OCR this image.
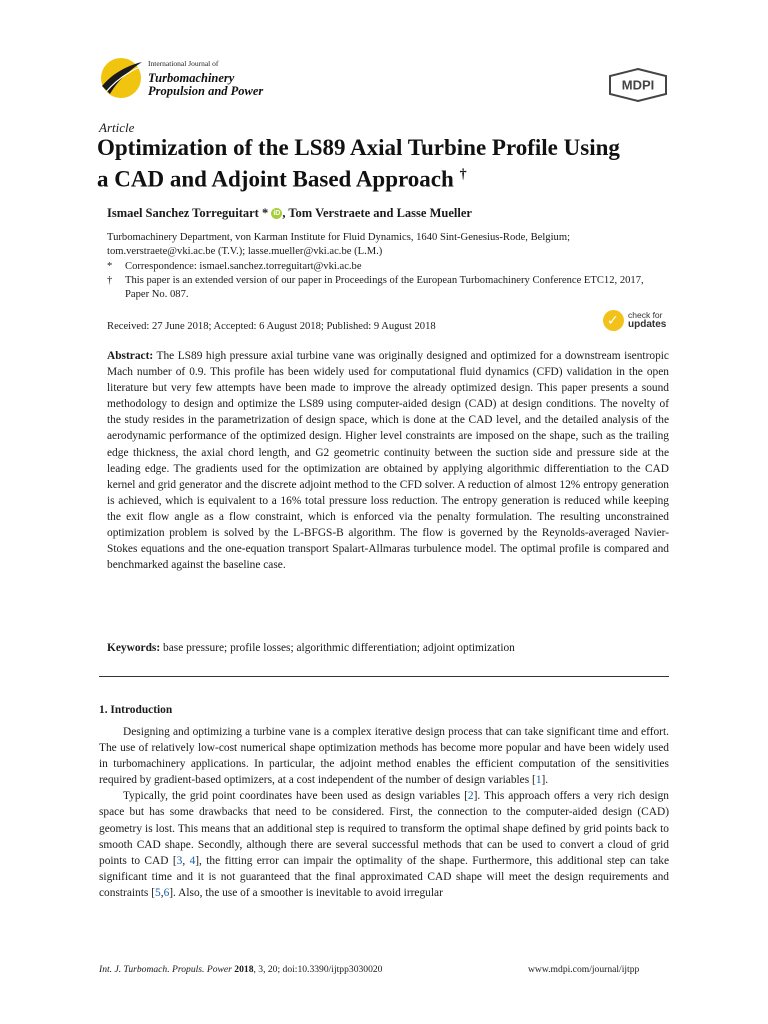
International Journal of
Turbomachinery
Propulsion and Power	MDPI
Article
Optimization of the LS89 Axial Turbine Profile Using
a CAD and Adjoint Based Approach †
Ismael Sanchez Torreguitart * iD , Tom Verstraete and Lasse Mueller
Turbomachinery Department, von Karman Institute for Fluid Dynamics, 1640 Sint-Genesius-Rode, Belgium;
tom.verstraete@vki.ac.be (T.V.); lasse.mueller@vki.ac.be (L.M.)
*	Correspondence: ismael.sanchez.torreguitart@vki.ac.be
†	This paper is an extended version of our paper in Proceedings of the European Turbomachinery Conference ETC12, 2017, Paper No. 087.
Received: 27 June 2018; Accepted: 6 August 2018; Published: 9 August 2018	✓ check for
updates
Abstract: The LS89 high pressure axial turbine vane was originally designed and optimized for a downstream isentropic Mach number of 0.9. This profile has been widely used for computational fluid dynamics (CFD) validation in the open literature but very few attempts have been made to improve the already optimized design. This paper presents a sound methodology to design and optimize the LS89 using computer-aided design (CAD) at design conditions. The novelty of the study resides in the parametrization of design space, which is done at the CAD level, and the detailed analysis of the aerodynamic performance of the optimized design. Higher level constraints are imposed on the shape, such as the trailing edge thickness, the axial chord length, and G2 geometric continuity between the suction side and pressure side at the leading edge. The gradients used for the optimization are obtained by applying algorithmic differentiation to the CAD kernel and grid generator and the discrete adjoint method to the CFD solver. A reduction of almost 12% entropy generation is achieved, which is equivalent to a 16% total pressure loss reduction. The entropy generation is reduced while keeping the exit flow angle as a flow constraint, which is enforced via the penalty formulation. The resulting unconstrained optimization problem is solved by the L-BFGS-B algorithm. The flow is governed by the Reynolds-averaged Navier-Stokes equations and the one-equation transport Spalart-Allmaras turbulence model. The optimal profile is compared and benchmarked against the baseline case.
Keywords: base pressure; profile losses; algorithmic differentiation; adjoint optimization
1. Introduction

Designing and optimizing a turbine vane is a complex iterative design process that can take significant time and effort. The use of relatively low-cost numerical shape optimization methods has become more popular and have been widely used in turbomachinery applications. In particular, the adjoint method enables the efficient computation of the sensitivities required by gradient-based optimizers, at a cost independent of the number of design variables [1].

Typically, the grid point coordinates have been used as design variables [2]. This approach offers a very rich design space but has some drawbacks that need to be considered. First, the connection to the computer-aided design (CAD) geometry is lost. This means that an additional step is required to transform the optimal shape defined by grid points back to smooth CAD shape. Secondly, although there are several successful methods that can be used to convert a cloud of grid points to CAD [3, 4], the fitting error can impair the optimality of the shape. Furthermore, this additional step can take significant time and it is not guaranteed that the final approximated CAD shape will meet the design requirements and constraints [5,6]. Also, the use of a smoother is inevitable to avoid irregular

Int. J. Turbomach. Propuls. Power 2018, 3, 20; doi:10.3390/ijtpp3030020	www.mdpi.com/journal/ijtpp
